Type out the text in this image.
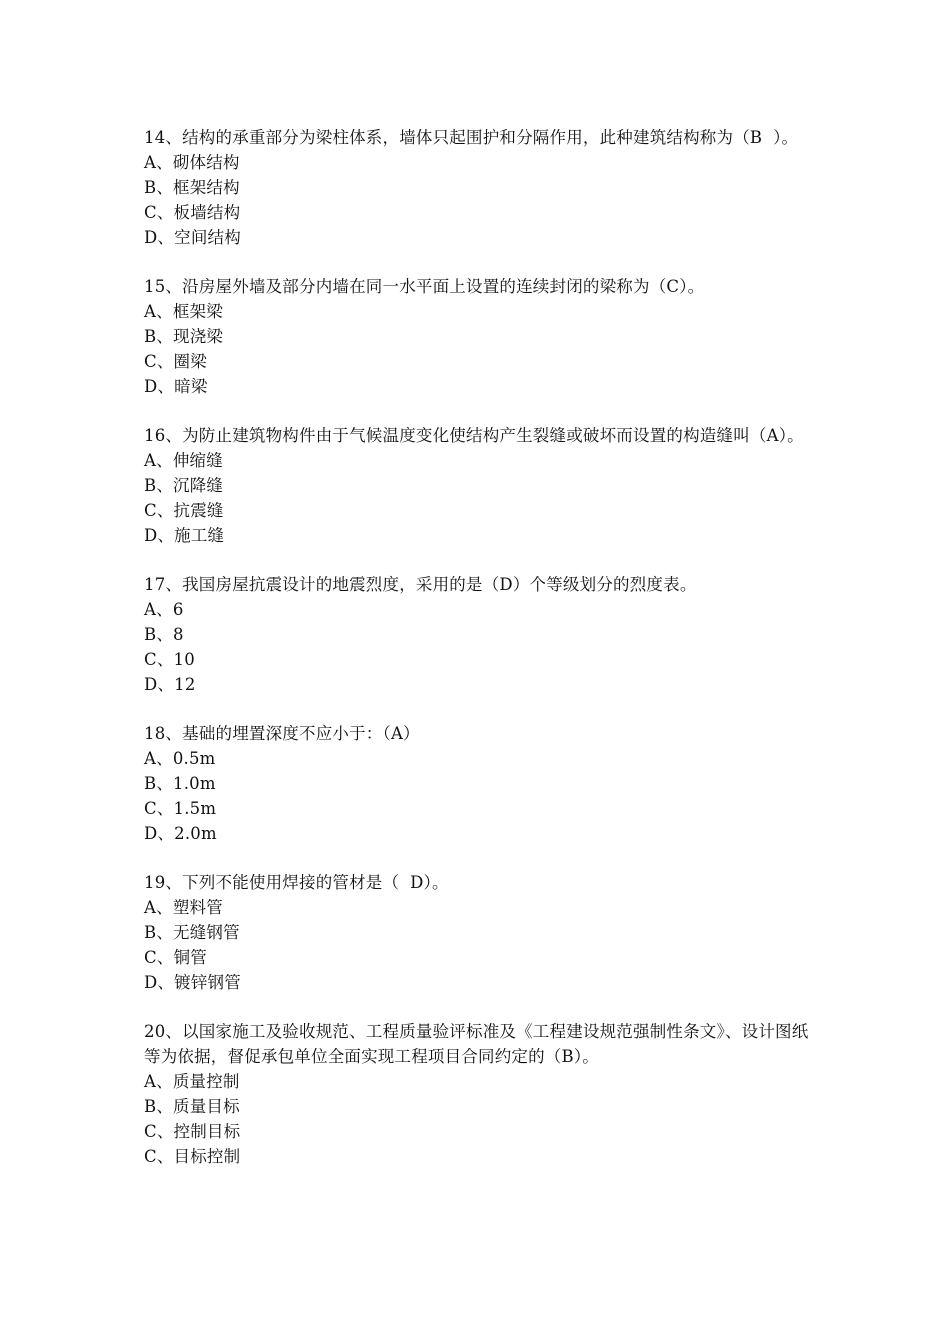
14、结构的承重部分为梁柱体系，墙体只起围护和分隔作用，此种建筑结构称为（B  ）。

A、砌体结构

B、框架结构

C、板墙结构

D、空间结构

15、沿房屋外墙及部分内墙在同一水平面上设置的连续封闭的梁称为（C）。

A、框架梁

B、现浇梁

C、圈梁

D、暗梁

16、为防止建筑物构件由于气候温度变化使结构产生裂缝或破坏而设置的构造缝叫（A）。

A、伸缩缝

B、沉降缝

C、抗震缝

D、施工缝

17、我国房屋抗震设计的地震烈度，采用的是（D）个等级划分的烈度表。

A、6

B、8

C、10

D、12

18、基础的埋置深度不应小于：（A）

A、0.5m

B、1.0m

C、1.5m

D、2.0m

19、下列不能使用焊接的管材是（  D）。

A、塑料管

B、无缝钢管

C、铜管

D、镀锌钢管

20、以国家施工及验收规范、工程质量验评标准及《工程建设规范强制性条文》、设计图纸等为依据，督促承包单位全面实现工程项目合同约定的（B）。

A、质量控制

B、质量目标

C、控制目标

C、目标控制
